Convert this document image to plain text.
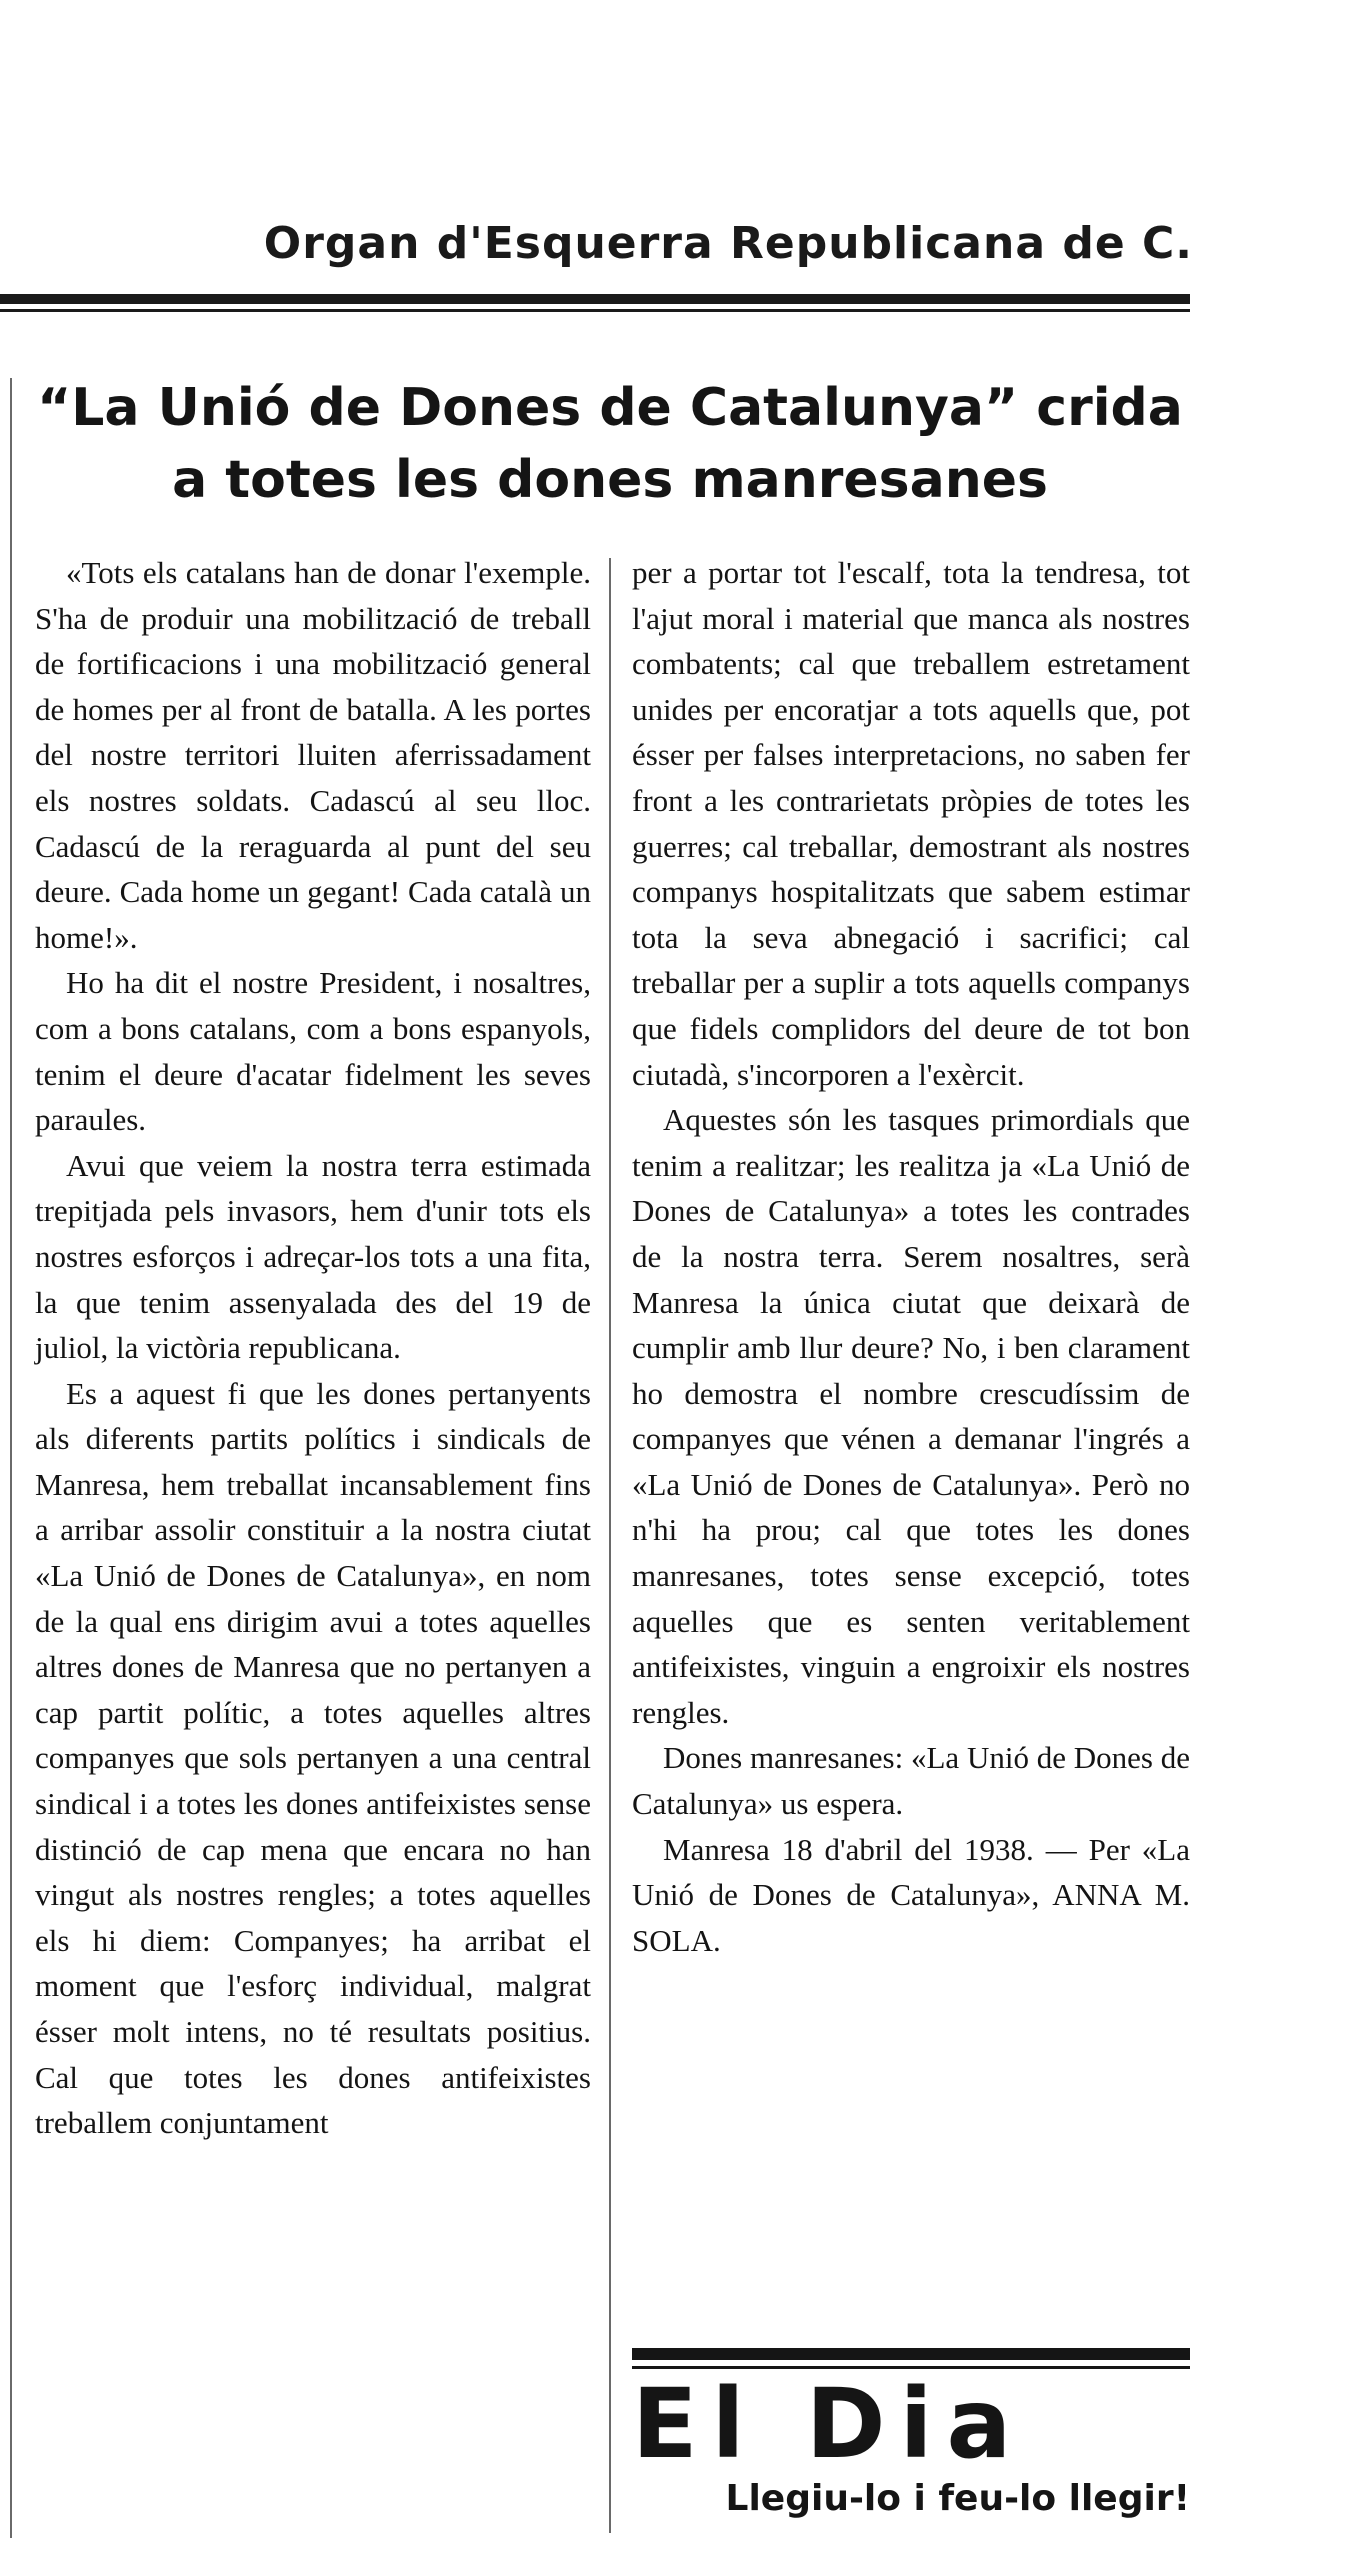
Organ d'Esquerra Republicana de C.
“La Unió de Dones de Catalunya” crida
a totes les dones manresanes

«Tots els catalans han de donar l'exemple. S'ha de produir una mobilització de treball de fortificacions i una mobilització general de homes per al front de batalla. A les portes del nostre territori lluiten aferrissadament els nostres soldats. Cadascú al seu lloc. Cadascú de la reraguarda al punt del seu deure. Cada home un gegant! Cada català un home!».

Ho ha dit el nostre President, i nosaltres, com a bons catalans, com a bons espanyols, tenim el deure d'acatar fidelment les seves paraules.

Avui que veiem la nostra terra estimada trepitjada pels invasors, hem d'unir tots els nostres esforços i adreçar-los tots a una fita, la que tenim assenyalada des del 19 de juliol, la victòria republicana.

Es a aquest fi que les dones pertanyents als diferents partits polítics i sindicals de Manresa, hem treballat incansablement fins a arribar assolir constituir a la nostra ciutat «La Unió de Dones de Catalunya», en nom de la qual ens dirigim avui a totes aquelles altres dones de Manresa que no pertanyen a cap partit polític, a totes aquelles altres companyes que sols pertanyen a una central sindical i a totes les dones antifeixistes sense distinció de cap mena que encara no han vingut als nostres rengles; a totes aquelles els hi diem: Companyes; ha arribat el moment que l'esforç individual, malgrat ésser molt intens, no té resultats positius. Cal que totes les dones antifeixistes treballem conjuntament

per a portar tot l'escalf, tota la tendresa, tot l'ajut moral i material que manca als nostres combatents; cal que treballem estretament unides per encoratjar a tots aquells que, pot ésser per falses interpretacions, no saben fer front a les contrarietats pròpies de totes les guerres; cal treballar, demostrant als nostres companys hospitalitzats que sabem estimar tota la seva abnegació i sacrifici; cal treballar per a suplir a tots aquells companys que fidels complidors del deure de tot bon ciutadà, s'incorporen a l'exèrcit.

Aquestes són les tasques primordials que tenim a realitzar; les realitza ja «La Unió de Dones de Catalunya» a totes les contrades de la nostra terra. Serem nosaltres, serà Manresa la única ciutat que deixarà de cumplir amb llur deure? No, i ben clarament ho demostra el nombre crescudíssim de companyes que vénen a demanar l'ingrés a «La Unió de Dones de Catalunya». Però no n'hi ha prou; cal que totes les dones manresanes, totes sense excepció, totes aquelles que es senten veritablement antifeixistes, vinguin a engroixir els nostres rengles.

Dones manresanes: «La Unió de Dones de Catalunya» us espera.

Manresa 18 d'abril del 1938. — Per «La Unió de Dones de Catalunya», ANNA M. SOLA.

El Dia
Llegiu-lo i feu-lo llegir!
